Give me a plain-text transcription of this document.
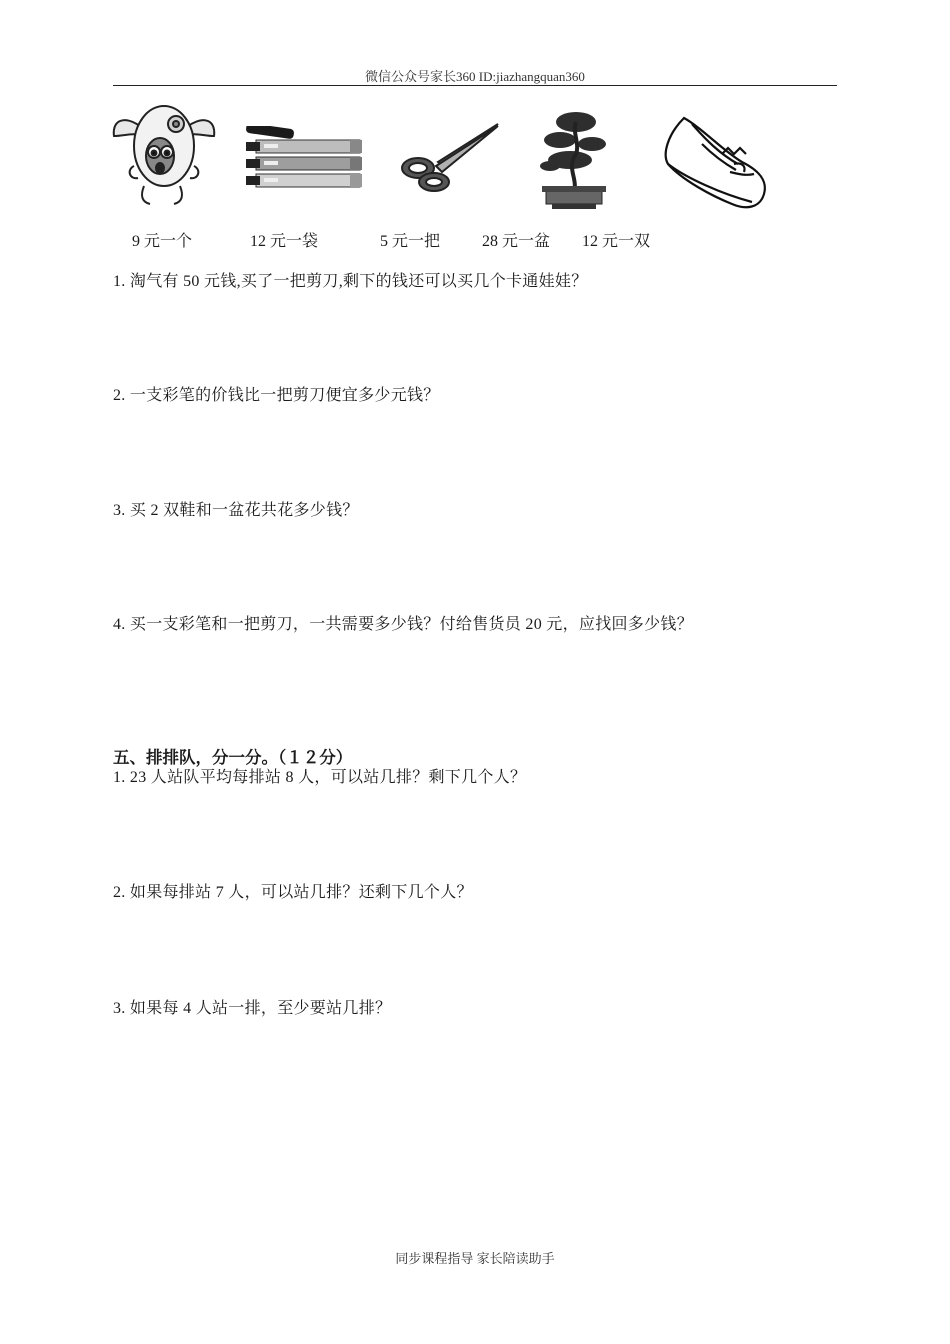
微信公众号家长360 ID:jiazhangquan360
9 元一个	12 元一袋	5 元一把	28 元一盆 12 元一双
1. 淘气有 50 元钱,买了一把剪刀,剩下的钱还可以买几个卡通娃娃？
2. 一支彩笔的价钱比一把剪刀便宜多少元钱？
3. 买 2 双鞋和一盆花共花多少钱？
4. 买一支彩笔和一把剪刀，一共需要多少钱？付给售货员 20 元，应找回多少钱？
五、排排队，分一分。（１２分）
1. 23 人站队平均每排站 8 人，可以站几排？剩下几个人？
2. 如果每排站 7 人，可以站几排？还剩下几个人？
3. 如果每 4 人站一排，至少要站几排？
同步课程指导 家长陪读助手
